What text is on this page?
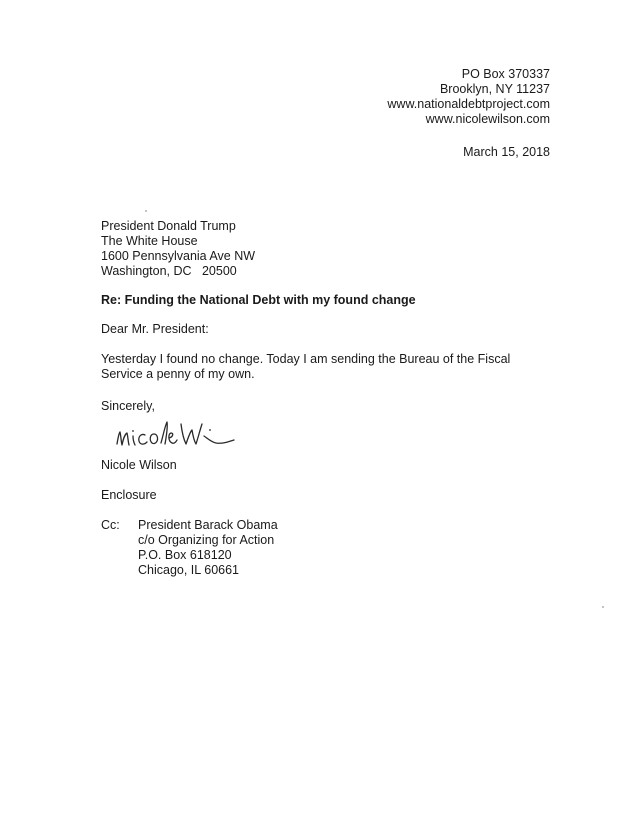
PO Box 370337
Brooklyn, NY 11237
www.nationaldebtproject.com
www.nicolewilson.com
March 15, 2018
President Donald Trump
The White House
1600 Pennsylvania Ave NW
Washington, DC   20500
Re: Funding the National Debt with my found change
Dear Mr. President:
Yesterday I found no change. Today I am sending the Bureau of the Fiscal Service a penny of my own.
Sincerely,
Nicole Wilson
Enclosure
Cc: President Barack Obama
c/o Organizing for Action
P.O. Box 618120
Chicago, IL 60661
